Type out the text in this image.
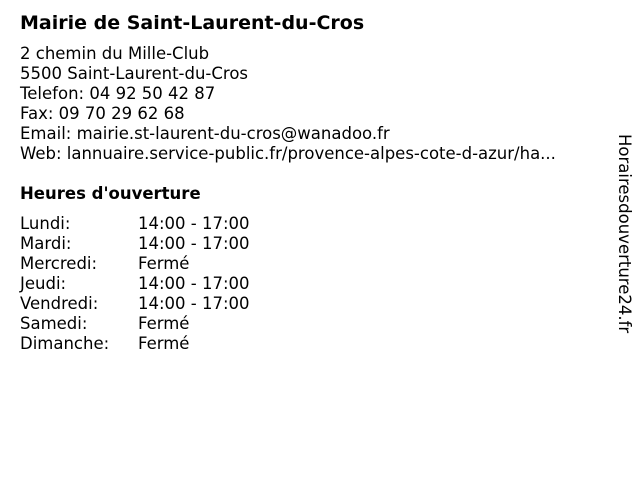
Mairie de Saint-Laurent-du-Cros
2 chemin du Mille-Club
5500 Saint-Laurent-du-Cros
Telefon: 04 92 50 42 87
Fax: 09 70 29 62 68
Email: mairie.st-laurent-du-cros@wanadoo.fr
Web: lannuaire.service-public.fr/provence-alpes-cote-d-azur/ha...
Heures d'ouverture
Lundi:	14:00 - 17:00
Mardi:	14:00 - 17:00
Mercredi: Fermé
Jeudi:	14:00 - 17:00
Vendredi: 14:00 - 17:00
Samedi:	Fermé
Dimanche: Fermé
Horairesdouverture24.fr
